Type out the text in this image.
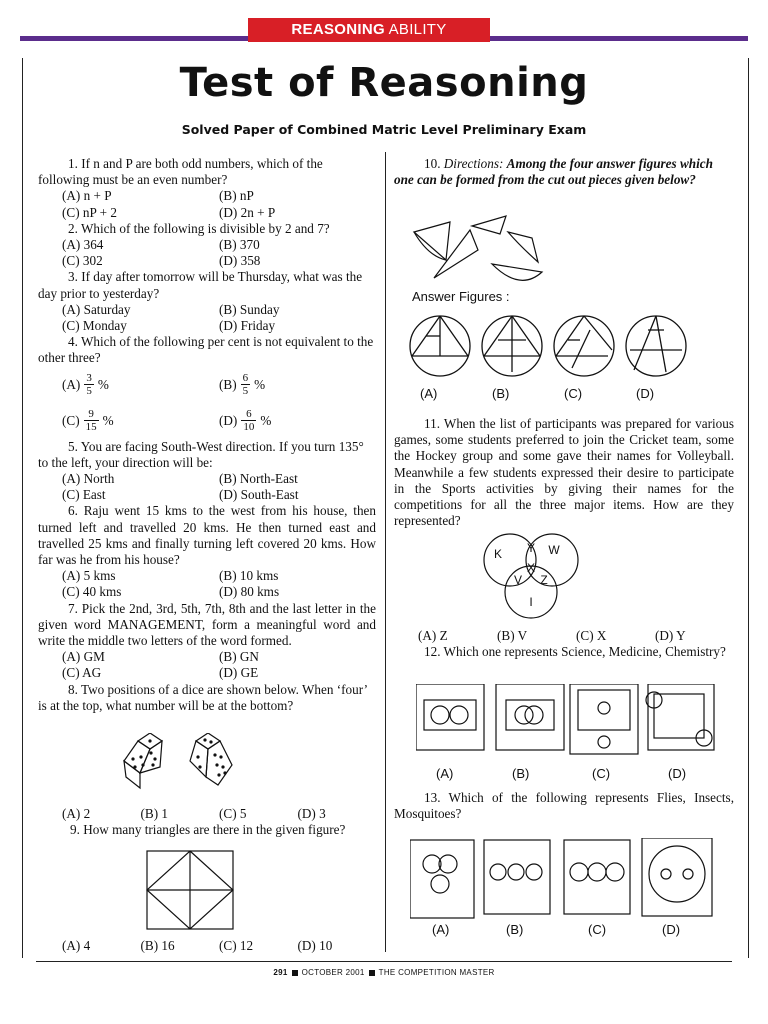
REASONING ABILITY
Test of Reasoning
Solved Paper of Combined Matric Level Preliminary Exam

1. If n and P are both odd numbers, which of the following must be an even number?

(A) n + P	(B) nP
(C) nP + 2	(D) 2n + P

2. Which of the following is divisible by 2 and 7?

(A) 364	(B) 370
(C) 302	(D) 358

3. If day after tomorrow will be Thursday, what was the day prior to yesterday?

(A) Saturday	(B) Sunday
(C) Monday	(D) Friday

4. Which of the following per cent is not equivalent to the other three?

$(A) \frac{3}{5}$ %	$(B) \frac{6}{5}$ %
$(C) \frac{9}{15}$ %	$(D) \frac{6}{10}$ %

5. You are facing South-West direction. If you turn 135° to the left, your direction will be:

(A) North	(B) North-East
(C) East	(D) South-East

6. Raju went 15 kms to the west from his house, then turned left and travelled 20 kms. He then turned east and travelled 25 kms and finally turning left covered 20 kms. How far was he from his house?

(A) 5 kms	(B) 10 kms
(C) 40 kms	(D) 80 kms

7. Pick the 2nd, 3rd, 5th, 7th, 8th and the last letter in the given word MANAGEMENT, form a meaningful word and write the middle two letters of the word formed.

(A) GM	(B) GN
(C) AG	(D) GE

8. Two positions of a dice are shown below. When ‘four’ is at the top, what number will be at the bottom?

(A) 2	(B) 1	(C) 5	(D) 3

9. How many triangles are there in the given figure?

(A) 4	(B) 16	(C) 12	(D) 10

10. Directions: Among the four answer figures which one can be formed from the cut out pieces given below?

Answer Figures :
(A)	(B)	(C)	(D)

11. When the list of participants was prepared for various games, some students preferred to join the Cricket team, some the Hockey group and some gave their names for Volleyball. Meanwhile a few students expressed their desire to participate in the Sports activities by giving their names for the competitions for all the three major items. How are they represented?

K Y W
X
V Z
I
(A) Z	(B) V	(C) X	(D) Y

12. Which one represents Science, Medicine, Chemistry?

(A)	(B)	(C)	(D)

13. Which of the following represents Flies, Insects, Mosquitoes?

(A)	(B)	(C)	(D)
291 OCTOBER 2001 THE COMPETITION MASTER
